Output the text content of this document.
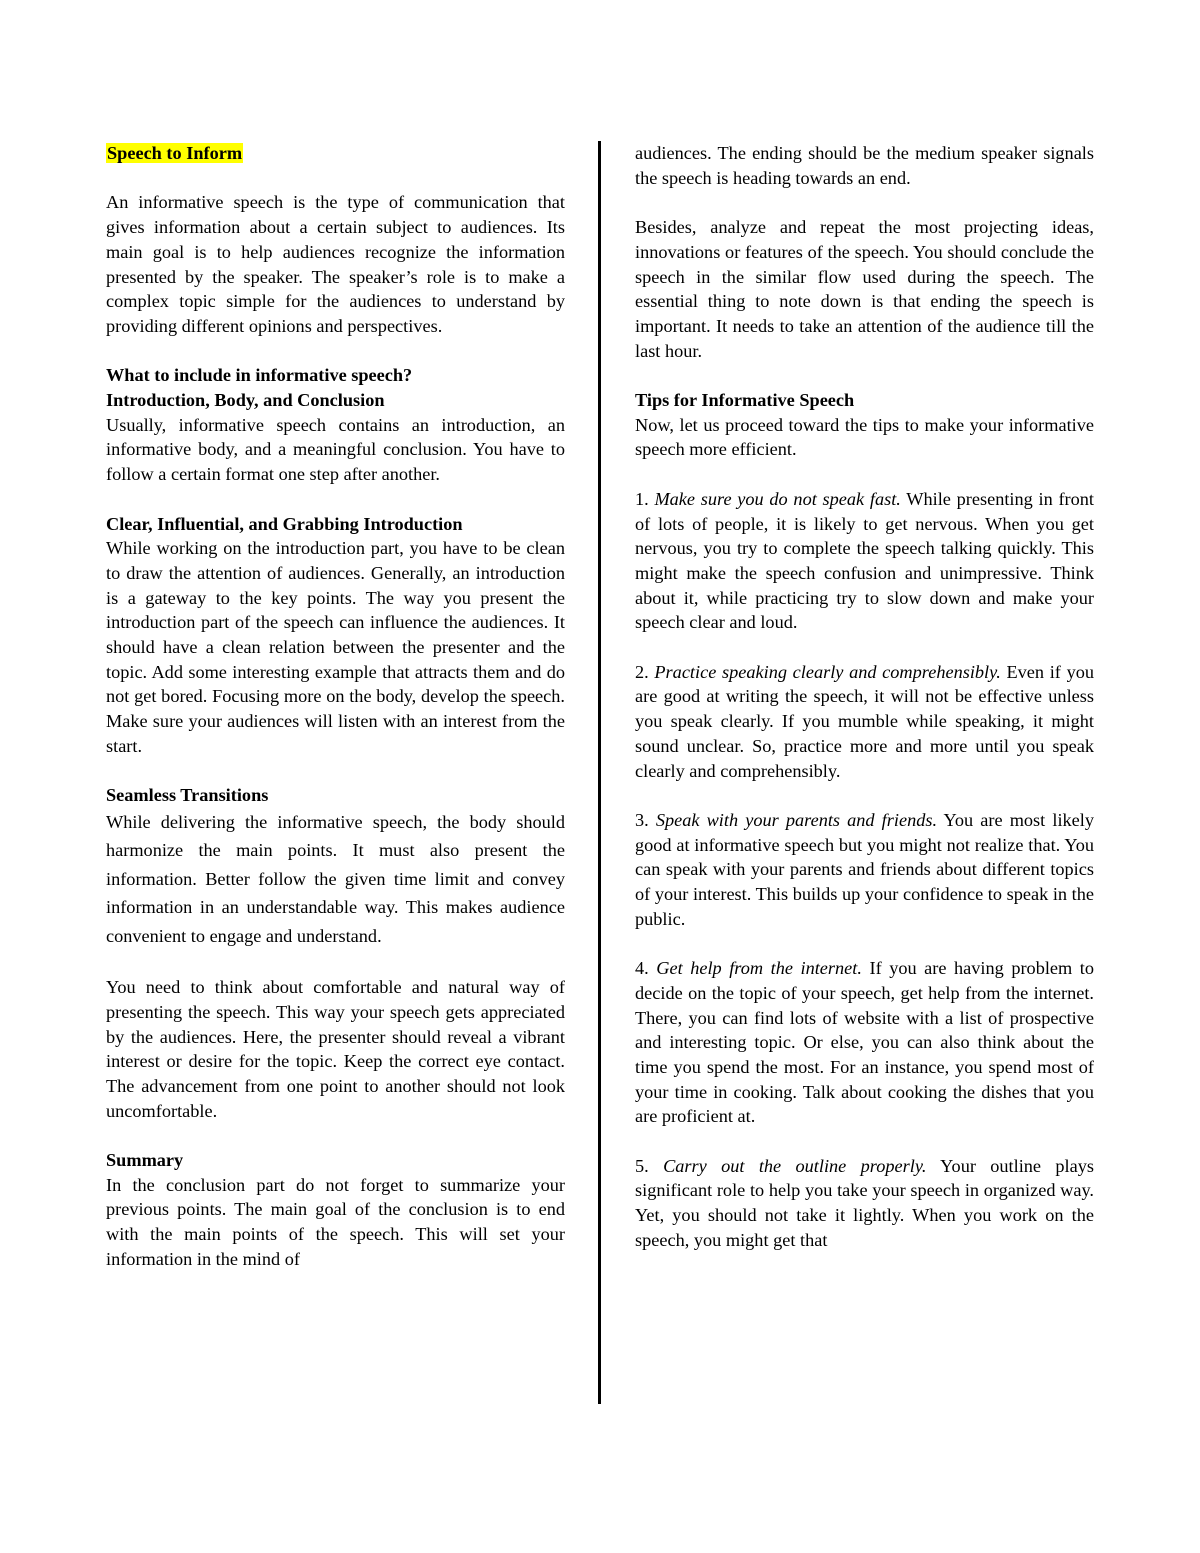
Speech to Inform

An informative speech is the type of communication that gives information about a certain subject to audiences. Its main goal is to help audiences recognize the information presented by the speaker. The speaker’s role is to make a complex topic simple for the audiences to understand by providing different opinions and perspectives.

What to include in informative speech?

Introduction, Body, and Conclusion

Usually, informative speech contains an introduction, an informative body, and a meaningful conclusion. You have to follow a certain format one step after another.

Clear, Influential, and Grabbing Introduction

While working on the introduction part, you have to be clean to draw the attention of audiences. Generally, an introduction is a gateway to the key points. The way you present the introduction part of the speech can influence the audiences. It should have a clean relation between the presenter and the topic. Add some interesting example that attracts them and do not get bored. Focusing more on the body, develop the speech. Make sure your audiences will listen with an interest from the start.

Seamless Transitions

While delivering the informative speech, the body should harmonize the main points. It must also present the information. Better follow the given time limit and convey information in an understandable way. This makes audience convenient to engage and understand.

You need to think about comfortable and natural way of presenting the speech. This way your speech gets appreciated by the audiences. Here, the presenter should reveal a vibrant interest or desire for the topic. Keep the correct eye contact. The advancement from one point to another should not look uncomfortable.

Summary

In the conclusion part do not forget to summarize your previous points. The main goal of the conclusion is to end with the main points of the speech. This will set your information in the mind of

audiences. The ending should be the medium speaker signals the speech is heading towards an end.

Besides, analyze and repeat the most projecting ideas, innovations or features of the speech. You should conclude the speech in the similar flow used during the speech. The essential thing to note down is that ending the speech is important. It needs to take an attention of the audience till the last hour.

Tips for Informative Speech

Now, let us proceed toward the tips to make your informative speech more efficient.

1. Make sure you do not speak fast. While presenting in front of lots of people, it is likely to get nervous. When you get nervous, you try to complete the speech talking quickly. This might make the speech confusion and unimpressive. Think about it, while practicing try to slow down and make your speech clear and loud.

2. Practice speaking clearly and comprehensibly. Even if you are good at writing the speech, it will not be effective unless you speak clearly. If you mumble while speaking, it might sound unclear. So, practice more and more until you speak clearly and comprehensibly.

3. Speak with your parents and friends. You are most likely good at informative speech but you might not realize that. You can speak with your parents and friends about different topics of your interest. This builds up your confidence to speak in the public.

4. Get help from the internet. If you are having problem to decide on the topic of your speech, get help from the internet. There, you can find lots of website with a list of prospective and interesting topic. Or else, you can also think about the time you spend the most. For an instance, you spend most of your time in cooking. Talk about cooking the dishes that you are proficient at.

5. Carry out the outline properly. Your outline plays significant role to help you take your speech in organized way. Yet, you should not take it lightly. When you work on the speech, you might get that
